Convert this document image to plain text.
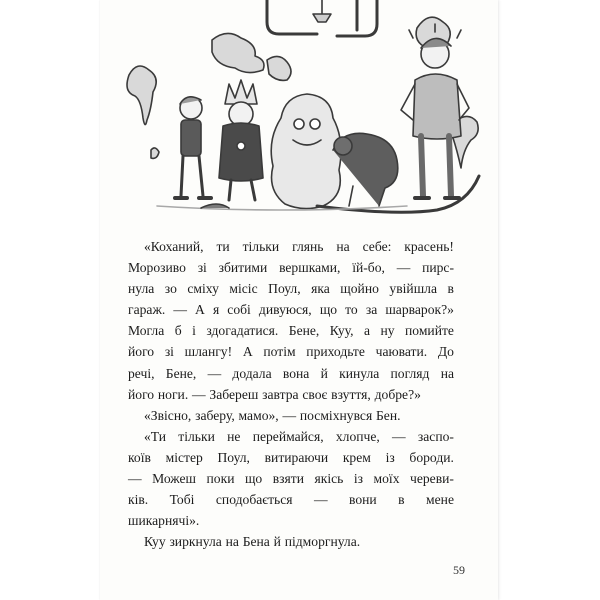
«Коханий, ти тільки глянь на себе: красень!
Морозиво зі збитими вершками, їй-бо, — пирс-
нула зо сміху місіс Поул, яка щойно увійшла в
гараж. — А я собі дивуюся, що то за шарварок?»
Могла б і здогадатися. Бене, Куу, а ну помийте
його зі шлангу! А потім приходьте чаювати. До
речі, Бене, — додала вона й кинула погляд на
його ноги. — Забереш завтра своє взуття, добре?»
«Звісно, заберу, мамо», — посміхнувся Бен.
«Ти тільки не переймайся, хлопче, — заспо-
коїв містер Поул, витираючи крем із бороди.
— Можеш поки що взяти якісь із моїх череви-
ків. Тобі сподобається — вони в мене
шикарнячі».
Куу зиркнула на Бена й підморгнула.
59
